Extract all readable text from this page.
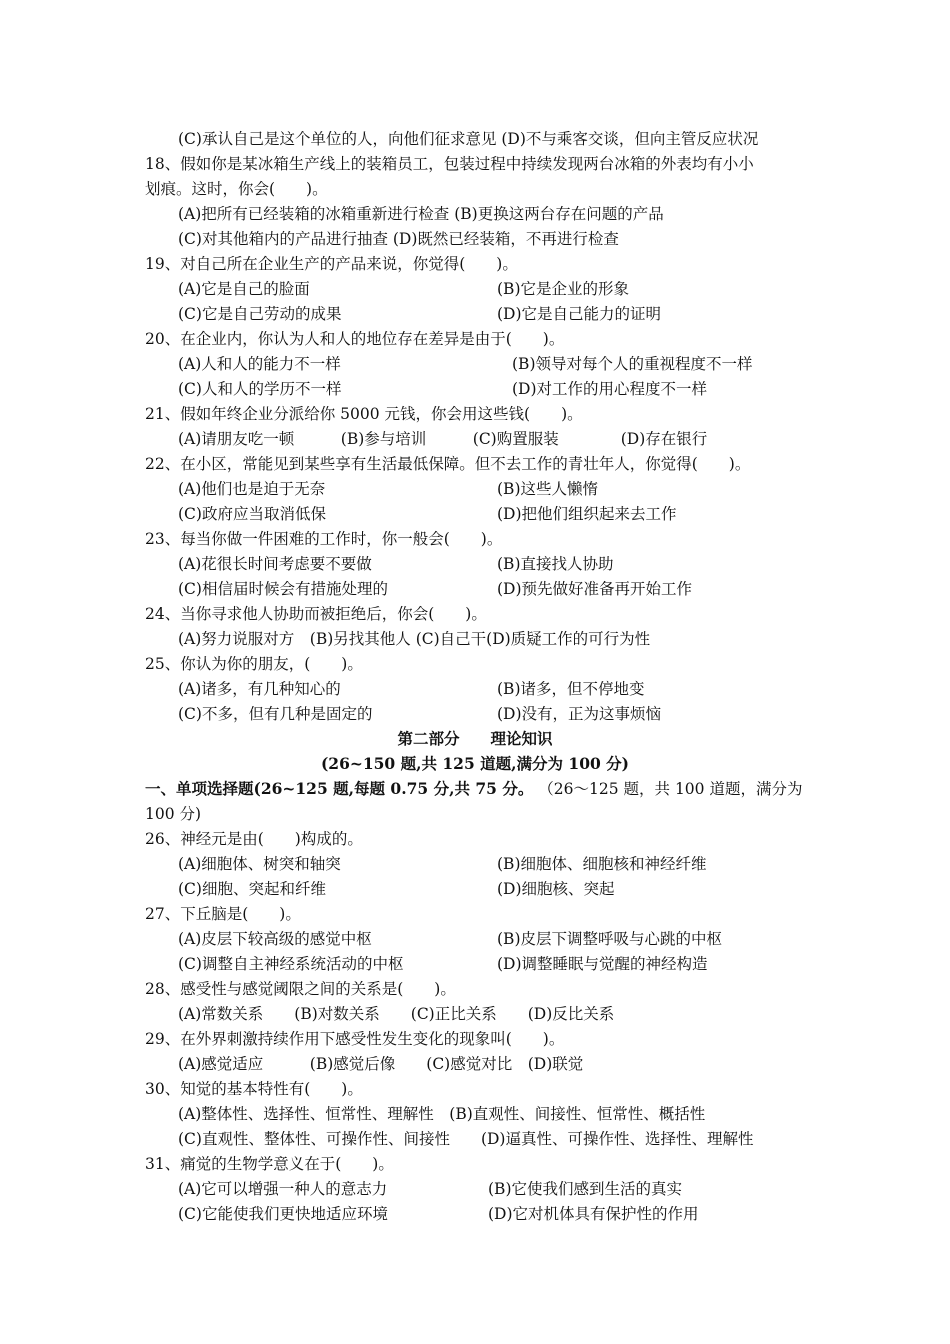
(C)承认自己是这个单位的人，向他们征求意见 (D)不与乘客交谈，但向主管反应状况
18、假如你是某冰箱生产线上的装箱员工，包装过程中持续发现两台冰箱的外表均有小小
划痕。这时，你会(　　)。
(A)把所有已经装箱的冰箱重新进行检查 (B)更换这两台存在问题的产品
(C)对其他箱内的产品进行抽查 (D)既然已经装箱，不再进行检查
19、对自己所在企业生产的产品来说，你觉得(　　)。
(A)它是自己的脸面	(B)它是企业的形象
(C)它是自己劳动的成果	(D)它是自己能力的证明
20、在企业内，你认为人和人的地位存在差异是由于(　　)。
(A)人和人的能力不一样	(B)领导对每个人的重视程度不一样
(C)人和人的学历不一样	(D)对工作的用心程度不一样
21、假如年终企业分派给你 5000 元钱，你会用这些钱(　　)。
(A)请朋友吃一顿　　　(B)参与培训　　　(C)购置服装　　　　(D)存在银行
22、在小区，常能见到某些享有生活最低保障。但不去工作的青壮年人，你觉得(　　)。
(A)他们也是迫于无奈	(B)这些人懒惰
(C)政府应当取消低保	(D)把他们组织起来去工作
23、每当你做一件困难的工作时，你一般会(　　)。
(A)花很长时间考虑要不要做	(B)直接找人协助
(C)相信届时候会有措施处理的	(D)预先做好准备再开始工作
24、当你寻求他人协助而被拒绝后，你会(　　)。
(A)努力说服对方　(B)另找其他人 (C)自己干(D)质疑工作的可行为性
25、你认为你的朋友，(　　)。
(A)诸多，有几种知心的	(B)诸多，但不停地变
(C)不多，但有几种是固定的	(D)没有，正为这事烦恼
第二部分　　理论知识
(26~150 题,共 125 道题,满分为 100 分)
一、单项选择题(26~125 题,每题 0.75 分,共 75 分。 （26～125 题，共 100 道题，满分为
100 分)
26、神经元是由(　　)构成的。
(A)细胞体、树突和轴突	(B)细胞体、细胞核和神经纤维
(C)细胞、突起和纤维	(D)细胞核、突起
27、下丘脑是(　　)。
(A)皮层下较高级的感觉中枢	(B)皮层下调整呼吸与心跳的中枢
(C)调整自主神经系统活动的中枢	(D)调整睡眠与觉醒的神经构造
28、感受性与感觉阈限之间的关系是(　　)。
(A)常数关系　　(B)对数关系　　(C)正比关系　　(D)反比关系
29、在外界刺激持续作用下感受性发生变化的现象叫(　　)。
(A)感觉适应　　　(B)感觉后像　　(C)感觉对比　(D)联觉
30、知觉的基本特性有(　　)。
(A)整体性、选择性、恒常性、理解性　(B)直观性、间接性、恒常性、概括性
(C)直观性、整体性、可操作性、间接性　　(D)逼真性、可操作性、选择性、理解性
31、痛觉的生物学意义在于(　　)。
(A)它可以增强一种人的意志力	(B)它使我们感到生活的真实
(C)它能使我们更快地适应环境	(D)它对机体具有保护性的作用
